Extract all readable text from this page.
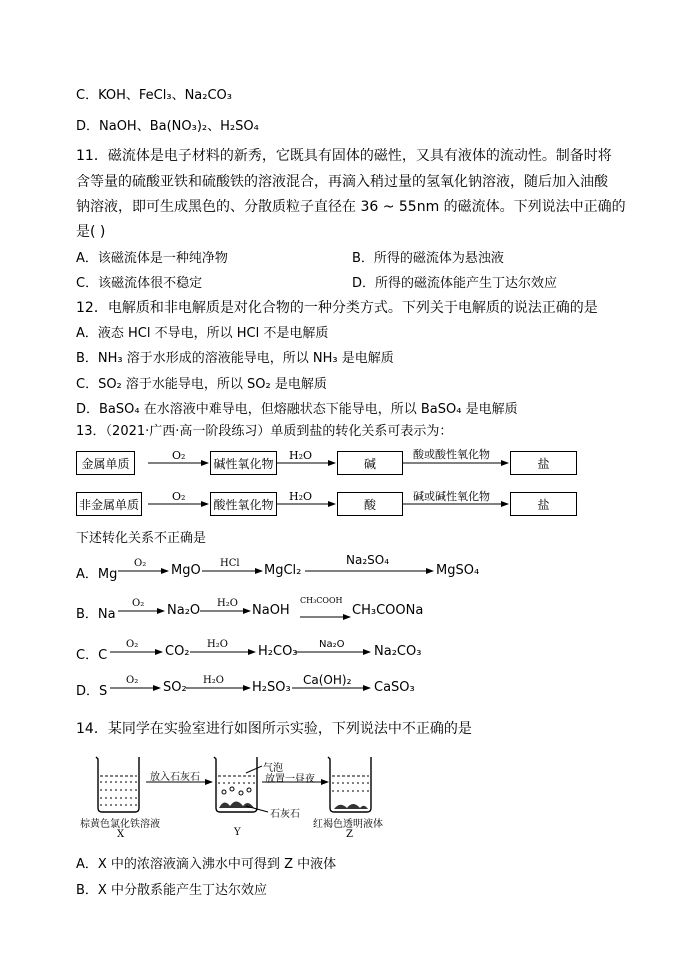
C．KOH、FeCl₃、Na₂CO₃
D．NaOH、Ba(NO₃)₂、H₂SO₄
11．磁流体是电子材料的新秀，它既具有固体的磁性，又具有液体的流动性。制备时将
含等量的硫酸亚铁和硫酸铁的溶液混合，再滴入稍过量的氢氧化钠溶液，随后加入油酸
钠溶液，即可生成黑色的、分散质粒子直径在 36 ~ 55nm 的磁流体。下列说法中正确的
是( )
A．该磁流体是一种纯净物	B．所得的磁流体为悬浊液
C．该磁流体很不稳定	D．所得的磁流体能产生丁达尔效应
12．电解质和非电解质是对化合物的一种分类方式。下列关于电解质的说法正确的是
A．液态 HCl 不导电，所以 HCl 不是电解质
B．NH₃ 溶于水形成的溶液能导电，所以 NH₃ 是电解质
C．SO₂ 溶于水能导电，所以 SO₂ 是电解质
D．BaSO₄ 在水溶液中难导电，但熔融状态下能导电，所以 BaSO₄ 是电解质
13．（2021·广西·高一阶段练习）单质到盐的转化关系可表示为：
金属单质	碱性氧化物	碱	盐
O₂	H₂O	酸或酸性氧化物
非金属单质	酸性氧化物	酸	盐
O₂	H₂O	碱或碱性氧化物
A．Mg
O₂ MgO HCl MgCl₂
Na₂SO₄
MgSO₄
B．Na
O₂ Na₂O H₂O NaOH
CH₃COOH
CH₃COONa
C．C
O₂ CO₂ H₂O H₂CO₃ Na₂O Na₂CO₃
D．S
O₂ SO₂ H₂O H₂SO₃ Ca(OH)₂ CaSO₃
下述转化关系不正确是
14．某同学在实验室进行如图所示实验，下列说法中不正确的是
放入石灰石
气泡
放置一昼夜
石灰石
棕黄色氯化铁溶液	红褐色透明液体
X	Y	Z
A．X 中的浓溶液滴入沸水中可得到 Z 中液体
B．X 中分散系能产生丁达尔效应
